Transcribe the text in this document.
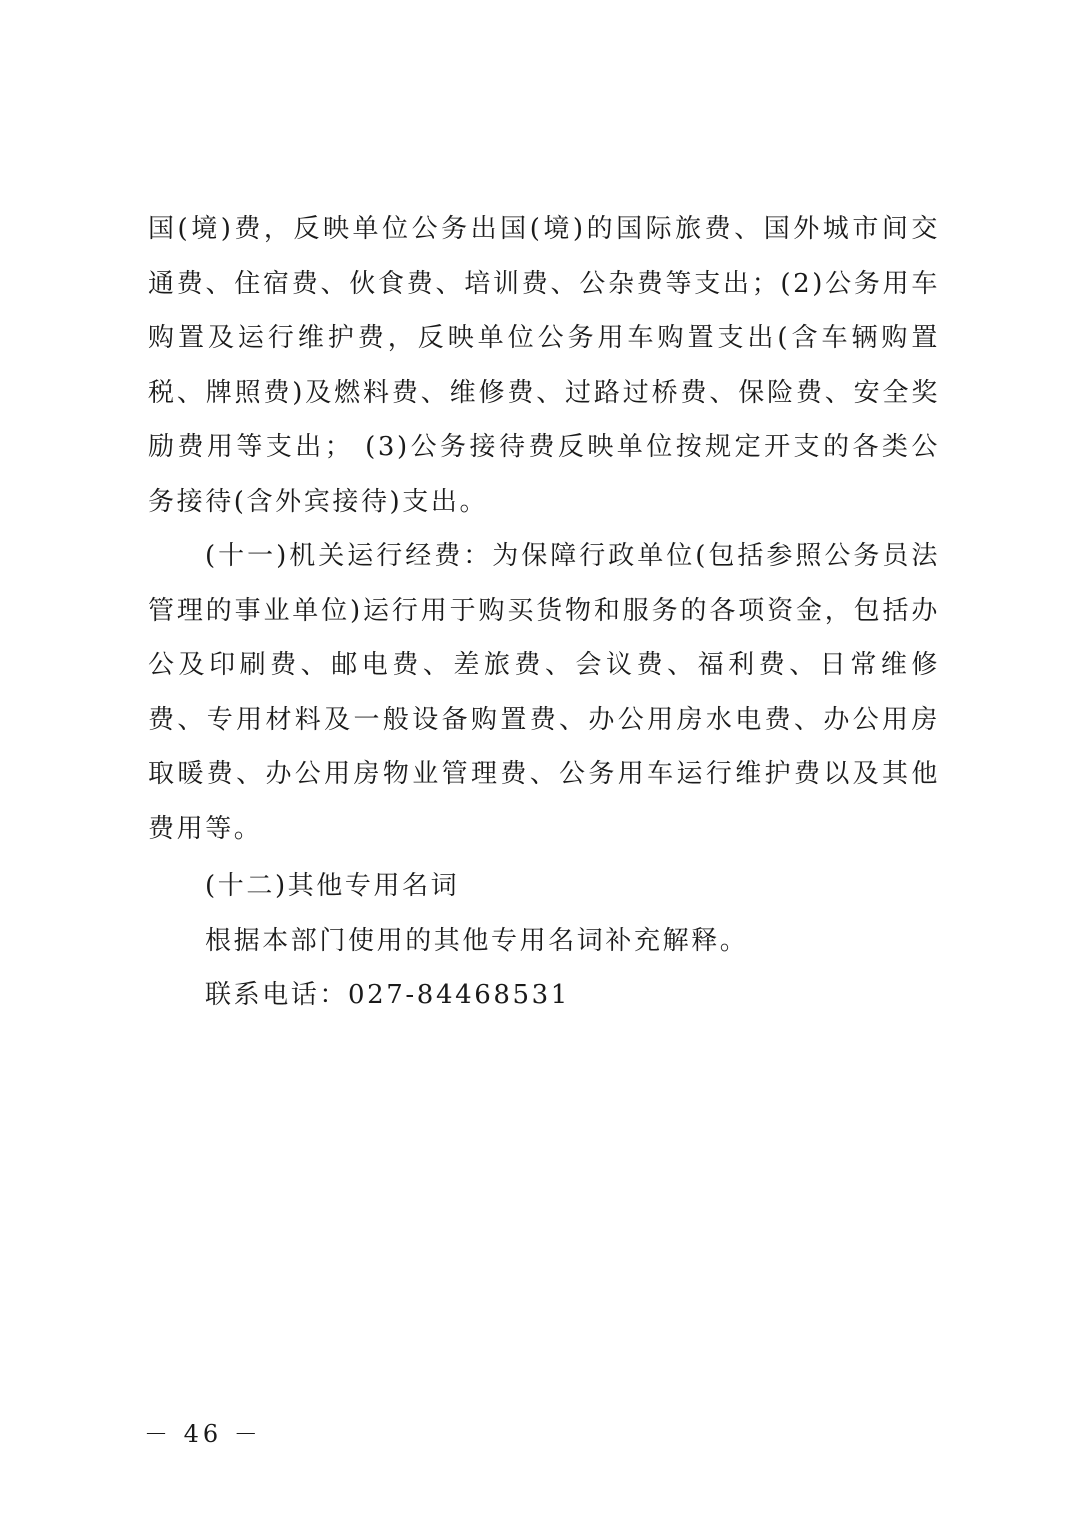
国(境)费，反映单位公务出国(境)的国际旅费、国外城市间交通费、住宿费、伙食费、培训费、公杂费等支出；(2)公务用车购置及运行维护费，反映单位公务用车购置支出(含车辆购置税、牌照费)及燃料费、维修费、过路过桥费、保险费、安全奖励费用等支出； (3)公务接待费反映单位按规定开支的各类公务接待(含外宾接待)支出。

(十一)机关运行经费：为保障行政单位(包括参照公务员法管理的事业单位)运行用于购买货物和服务的各项资金，包括办公及印刷费、邮电费、差旅费、会议费、福利费、日常维修费、专用材料及一般设备购置费、办公用房水电费、办公用房取暖费、办公用房物业管理费、公务用车运行维护费以及其他费用等。

(十二)其他专用名词

根据本部门使用的其他专用名词补充解释。

联系电话：027-84468531

－ 46 －
